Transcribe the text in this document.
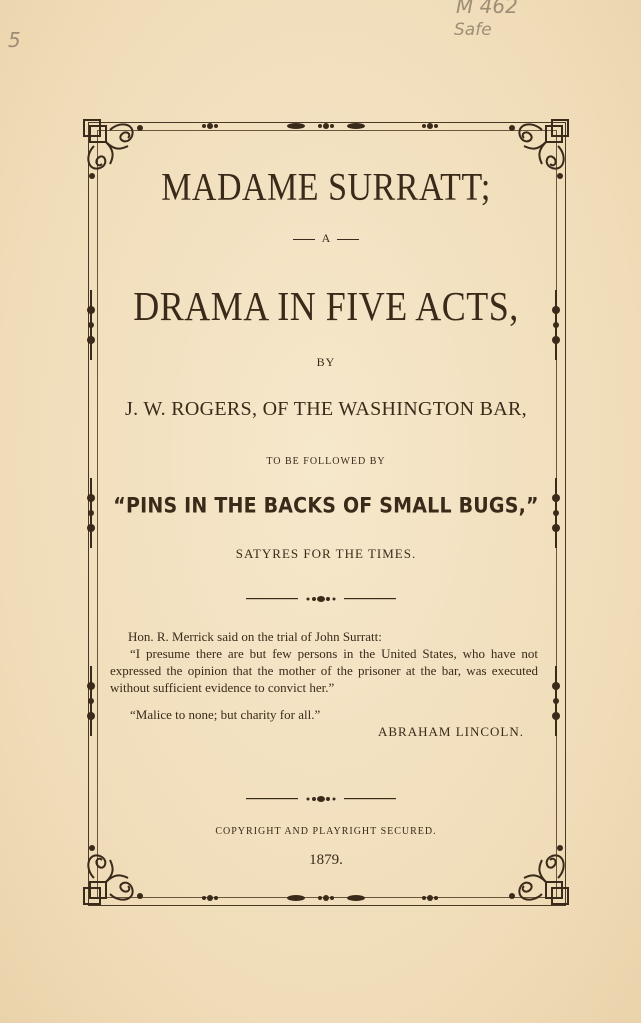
5
M 462
Safe
MADAME SURRATT;
A
DRAMA IN FIVE ACTS,
BY
J. W. ROGERS, OF THE WASHINGTON BAR,
TO BE FOLLOWED BY
“PINS IN THE BACKS OF SMALL BUGS,”
SATYRES FOR THE TIMES.

Hon. R. Merrick said on the trial of John Surratt:

“I presume there are but few persons in the United States, who have not expressed the opinion that the mother of the prisoner at the bar, was executed without sufficient evidence to convict her.”

“Malice to none; but charity for all.”

ABRAHAM LINCOLN.

COPYRIGHT AND PLAYRIGHT SECURED.
1879.
